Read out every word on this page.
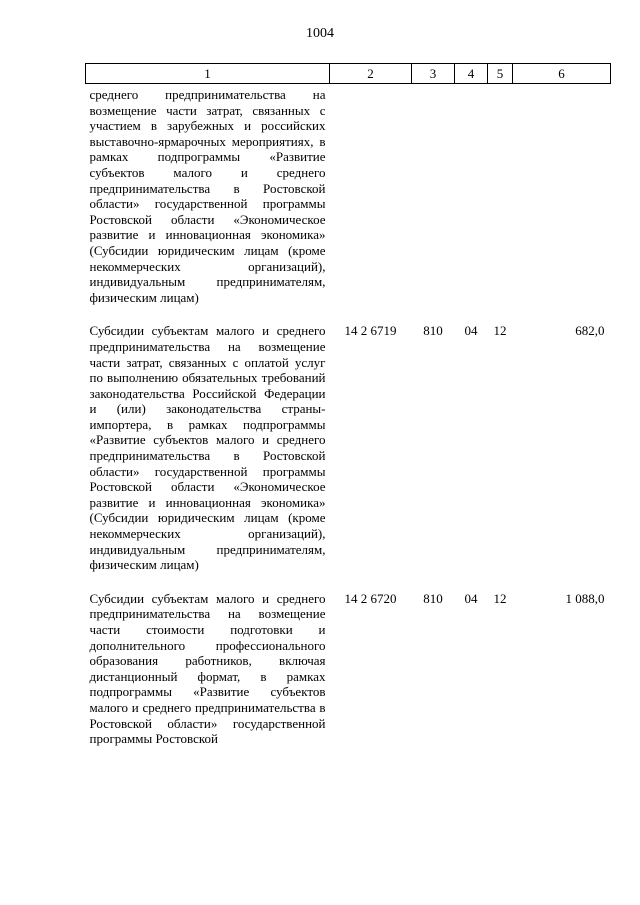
1004
1	2	3	4	5	6
среднего предпринимательства на возмещение части затрат, связанных с участием в зарубежных и российских выставочно-ярмарочных мероприятиях, в рамках подпрограммы «Развитие субъектов малого и среднего предпринимательства в Ростовской области» государственной программы Ростовской области «Экономическое развитие и инновационная экономика» (Субсидии юридическим лицам (кроме некоммерческих организаций), индивидуальным предпринимателям, физическим лицам)					
Субсидии субъектам малого и среднего предпринимательства на возмещение части затрат, связанных с оплатой услуг по выполнению обязательных требований законодательства Российской Федерации и (или) законодательства страны-импортера, в рамках подпрограммы «Развитие субъектов малого и среднего предпринимательства в Ростовской области» государственной программы Ростовской области «Экономическое развитие и инновационная экономика» (Субсидии юридическим лицам (кроме некоммерческих организаций), индивидуальным предпринимателям, физическим лицам)	14 2 6719	810	04	12	682,0
Субсидии субъектам малого и среднего предпринимательства на возмещение части стоимости подготовки и дополнительного профессионального образования работников, включая дистанционный формат, в рамках подпрограммы «Развитие субъектов малого и среднего предпринимательства в Ростовской области» государственной программы Ростовской	14 2 6720	810	04	12	1 088,0
